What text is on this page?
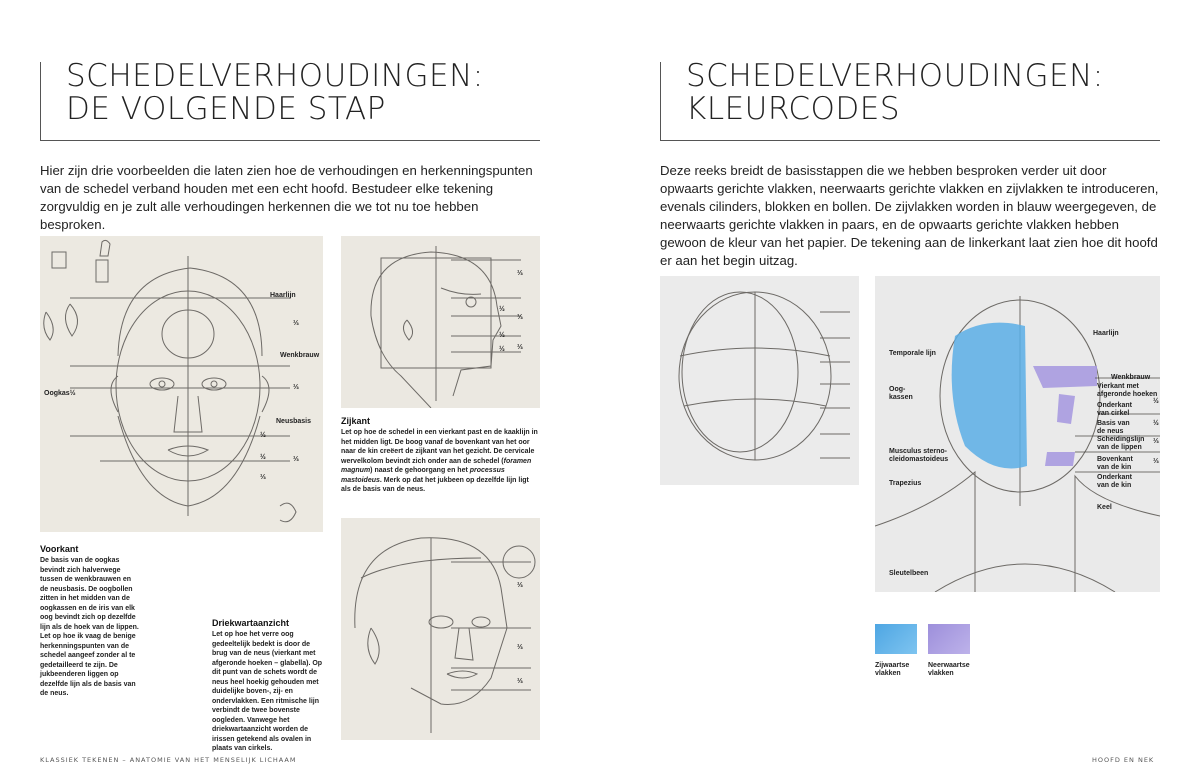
SCHEDELVERHOUDINGEN:
DE VOLGENDE STAP

Hier zijn drie voorbeelden die laten zien hoe de verhoudingen en herkenningspunten van de schedel verband houden met een echt hoofd. Bestudeer elke tekening zorgvuldig en je zult alle verhoudingen herkennen die we tot nu toe hebben besproken.

Haarlijn
Wenkbrauw
Oogkas½
Neusbasis
⅓
⅓
½
½	⅓
⅓
⅓
½
⅓
½
½ ⅓
⅓
⅓
⅓

Voorkant

De basis van de oogkas bevindt zich halverwege tussen de wenkbrauwen en de neusbasis. De oogbollen zitten in het midden van de oogkassen en de iris van elk oog bevindt zich op dezelfde lijn als de hoek van de lippen. Let op hoe ik vaag de benige herkenningspunten van de schedel aangeef zonder al te gedetailleerd te zijn. De jukbeenderen liggen op dezelfde lijn als de basis van de neus.

Zijkant

Let op hoe de schedel in een vierkant past en de kaaklijn in het midden ligt. De boog vanaf de bovenkant van het oor naar de kin creëert de zijkant van het gezicht. De cervicale wervelkolom bevindt zich onder aan de schedel (foramen magnum) naast de gehoorgang en het processus mastoideus. Merk op dat het jukbeen op dezelfde lijn ligt als de basis van de neus.

Driekwartaanzicht

Let op hoe het verre oog gedeeltelijk bedekt is door de brug van de neus (vierkant met afgeronde hoeken – glabella). Op dit punt van de schets wordt de neus heel hoekig gehouden met duidelijke boven-, zij- en ondervlakken. Een ritmische lijn verbindt de twee bovenste oogleden. Vanwege het driekwartaanzicht worden de irissen getekend als ovalen in plaats van cirkels.

KLASSIEK TEKENEN – ANATOMIE VAN HET MENSELIJK LICHAAM
SCHEDELVERHOUDINGEN:
KLEURCODES

Deze reeks breidt de basisstappen die we hebben besproken verder uit door opwaarts gerichte vlakken, neerwaarts gerichte vlakken en zijvlakken te introduceren, evenals cilinders, blokken en bollen. De zijvlakken worden in blauw weergegeven, de neerwaarts gerichte vlakken in paars, en de opwaarts gerichte vlakken hebben gewoon de kleur van het papier. De tekening aan de linkerkant laat zien hoe dit hoofd er aan het begin uitzag.

Haarlijn
Temporale lijn
Oog-
kassen
Musculus sterno-
cleidomastoideus
Trapezius
Sleutelbeen
Wenkbrauw
Vierkant met
afgeronde hoeken
Onderkant
van cirkel
Basis van
de neus
Scheidingslijn
van de lippen
Bovenkant
van de kin
Onderkant
van de kin
Keel
½
½
⅓
⅓
Zijwaartse
vlakken
Neerwaartse
vlakken
HOOFD EN NEK
